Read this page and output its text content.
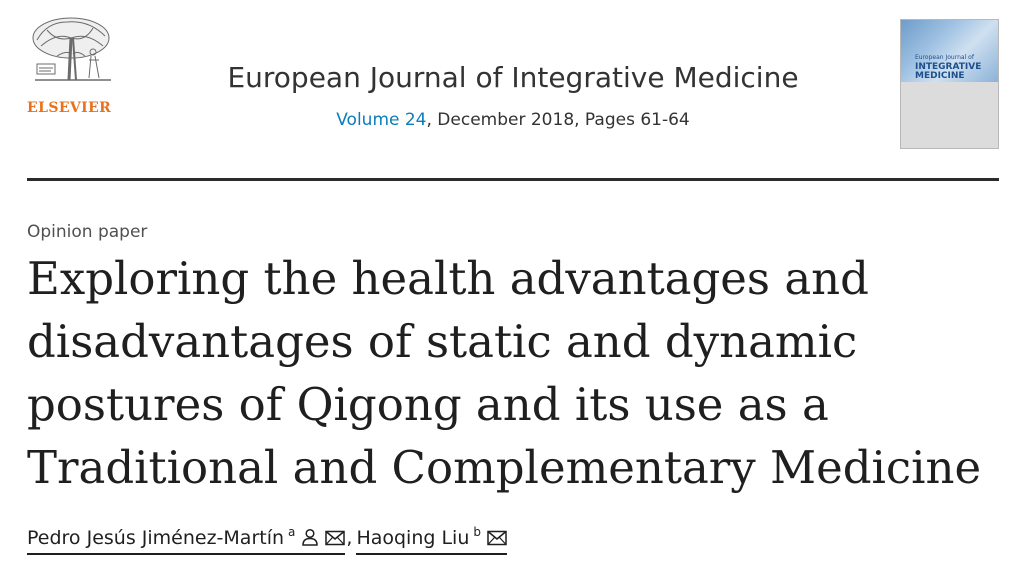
ELSEVIER
European Journal of Integrative Medicine
Volume 24, December 2018, Pages 61-64
European Journal of
INTEGRATIVE
MEDICINE
Opinion paper
Exploring the health advantages and disadvantages of static and dynamic postures of Qigong and its use as a Traditional and Complementary Medicine
Pedro Jesús Jiménez-Martín $^a$	, Haoqing Liu $^b$
